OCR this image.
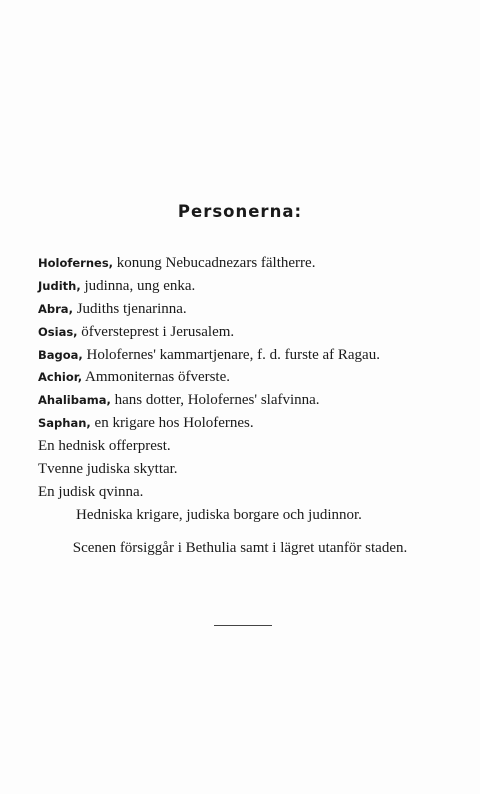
Personerna:
Holofernes, konung Nebucadnezars fältherre.
Judith, judinna, ung enka.
Abra, Judiths tjenarinna.
Osias, öfversteprest i Jerusalem.
Bagoa, Holofernes' kammartjenare, f. d. furste af Ragau.
Achior, Ammoniternas öfverste.
Ahalibama, hans dotter, Holofernes' slafvinna.
Saphan, en krigare hos Holofernes.
En hednisk offerprest.
Tvenne judiska skyttar.
En judisk qvinna.
Hedniska krigare, judiska borgare och judinnor.
Scenen försiggår i Bethulia samt i lägret utanför staden.
